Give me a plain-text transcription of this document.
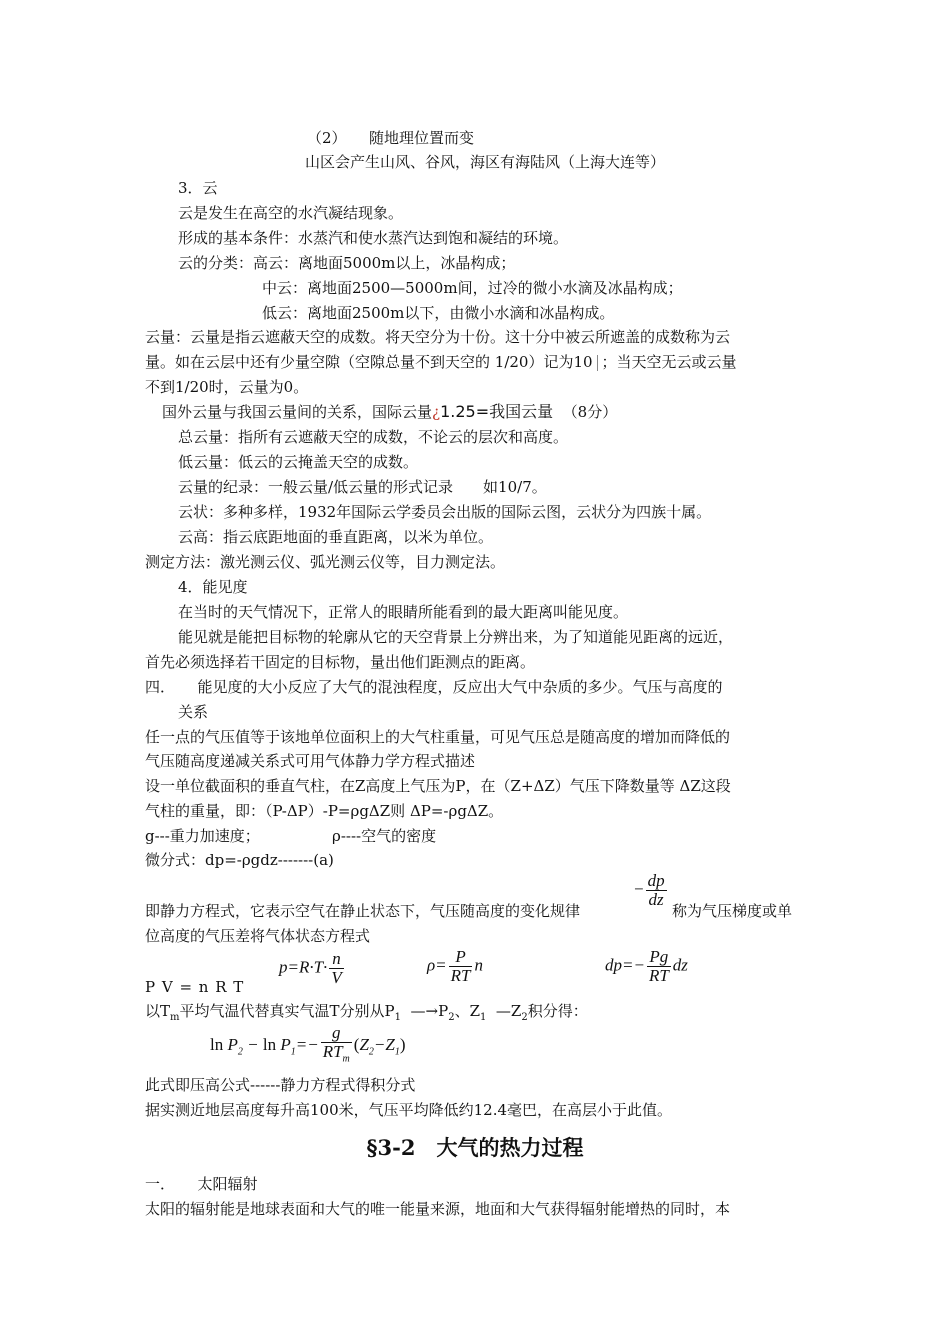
（2）　　随地理位置而变
山区会产生山风、谷风，海区有海陆风（上海大连等）
3．云
云是发生在高空的水汽凝结现象。
形成的基本条件：水蒸汽和使水蒸汽达到饱和凝结的环境。
云的分类：高云：离地面5000m以上，冰晶构成；
中云：离地面2500—5000m间，过冷的微小水滴及冰晶构成；
低云：离地面2500m以下，由微小水滴和冰晶构成。
云量：云量是指云遮蔽天空的成数。将天空分为十份。这十分中被云所遮盖的成数称为云
量。如在云层中还有少量空隙（空隙总量不到天空的 1/20）记为10 ；当天空无云或云量
不到1/20时，云量为0。
国外云量与我国云量间的关系，国际云量¿1.25=我国云量 （8分）
总云量：指所有云遮蔽天空的成数，不论云的层次和高度。
低云量：低云的云掩盖天空的成数。
云量的纪录：一般云量/低云量的形式记录　　如10/7。
云状：多种多样，1932年国际云学委员会出版的国际云图，云状分为四族十属。
云高：指云底距地面的垂直距离，以米为单位。
测定方法：激光测云仪、弧光测云仪等，目力测定法。
4．能见度
在当时的天气情况下，正常人的眼睛所能看到的最大距离叫能见度。
能见就是能把目标物的轮廓从它的天空背景上分辨出来，为了知道能见距离的远近，
首先必须选择若干固定的目标物，量出他们距测点的距离。
四．　　能见度的大小反应了大气的混浊程度，反应出大气中杂质的多少。气压与高度的
关系
任一点的气压值等于该地单位面积上的大气柱重量，可见气压总是随高度的增加而降低的
气压随高度递减关系式可用气体静力学方程式描述
设一单位截面积的垂直气柱，在Z高度上气压为P，在（Z+ΔZ）气压下降数量等 ΔZ这段
气柱的重量，即：（P-ΔP）-P=ρgΔZ则 ΔP=-ρgΔZ。
g---重力加速度；	ρ----空气的密度
微分式：dp=-ρgdz-------(a)
− $\frac{dp}{dz}$
即静力方程式，它表示空气在静止状态下，气压随高度的变化规律	称为气压梯度或单
位高度的气压差将气体状态方程式
P V = n R T
$p=R\cdot T\cdot \frac{n}{V}$	$\rho= \frac{P}{RT}$ n	$dp=- \frac{Pg}{RT}$ dz
以$T_m$平均气温代替真实气温T分别从$P_1$  $—\to P_2$、$Z_1$  $—Z_2$积分得：
$\ln P_2 - \ln P_1=- \frac{g}{RT_m} (Z_2-Z_1)$
此式即压高公式------静力方程式得积分式
据实测近地层高度每升高100米，气压平均降低约12.4毫巴，在高层小于此值。
§3-2　大气的热力过程
一．　　太阳辐射
太阳的辐射能是地球表面和大气的唯一能量来源，地面和大气获得辐射能增热的同时，本
